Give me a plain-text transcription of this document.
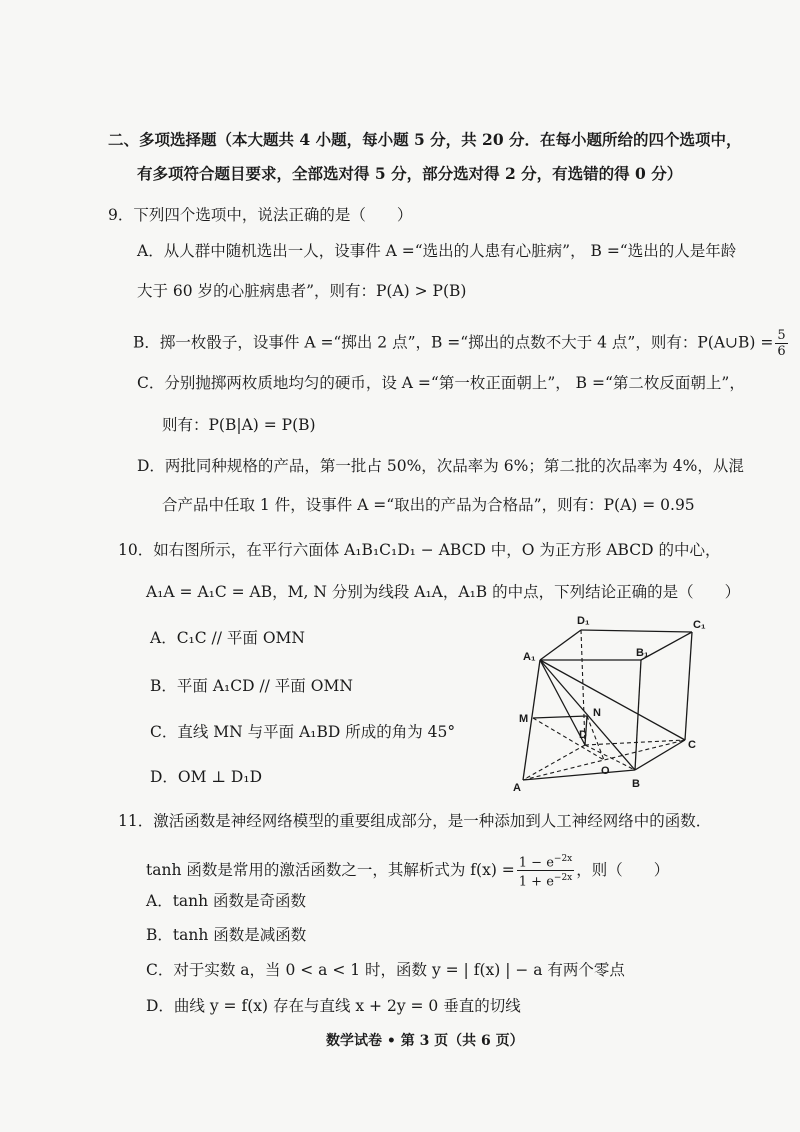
二、多项选择题（本大题共 4 小题，每小题 5 分，共 20 分．在每小题所给的四个选项中，
有多项符合题目要求，全部选对得 5 分，部分选对得 2 分，有选错的得 0 分）
9．下列四个选项中，说法正确的是（　　）
A．从人群中随机选出一人，设事件 A =“选出的人患有心脏病”， B =“选出的人是年龄
大于 60 岁的心脏病患者”，则有：P(A) > P(B)
B．掷一枚骰子，设事件 A =“掷出 2 点”，B =“掷出的点数不大于 4 点”，则有：P(A∪B) = $\frac{5}{6}$
C．分别抛掷两枚质地均匀的硬币，设 A =“第一枚正面朝上”， B =“第二枚反面朝上”，
则有：P(B|A) = P(B)
D．两批同种规格的产品，第一批占 50%，次品率为 6%；第二批的次品率为 4%，从混
合产品中任取 1 件，设事件 A =“取出的产品为合格品”，则有：P(A) = 0.95
10．如右图所示，在平行六面体 A₁B₁C₁D₁ − ABCD 中，O 为正方形 ABCD 的中心，
A₁A = A₁C = AB，M, N 分别为线段 A₁A，A₁B 的中点，下列结论正确的是（　　）
A．C₁C // 平面 OMN
B．平面 A₁CD // 平面 OMN
C．直线 MN 与平面 A₁BD 所成的角为 45°
D．OM ⊥ D₁D
D₁	C₁
A₁	B₁
M	N
D
C
O
A	B
11．激活函数是神经网络模型的重要组成部分，是一种添加到人工神经网络中的函数．
tanh 函数是常用的激活函数之一，其解析式为 $f(x) = \frac{1 - e^{-2x}}{1 + e^{-2x}}$ ，则（　　）
A．tanh 函数是奇函数
B．tanh 函数是减函数
C．对于实数 a，当 0 < a < 1 时，函数 y = | f(x) | − a 有两个零点
D．曲线 y = f(x) 存在与直线 x + 2y = 0 垂直的切线
数学试卷 • 第 3 页（共 6 页）
